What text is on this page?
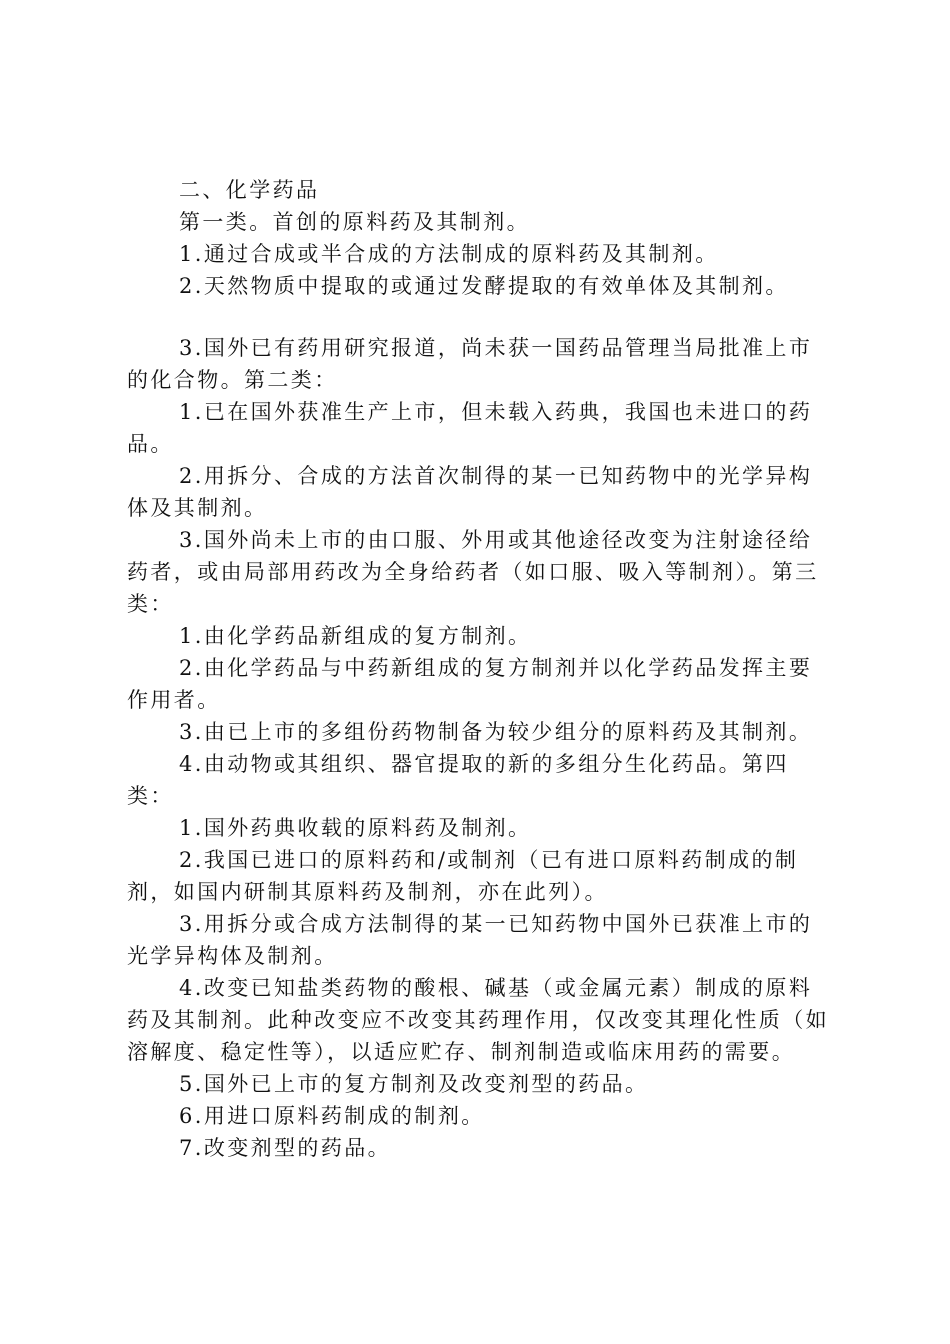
二、化学药品

第一类。首创的原料药及其制剂。

1.通过合成或半合成的方法制成的原料药及其制剂。

2.天然物质中提取的或通过发酵提取的有效单体及其制剂。

3.国外已有药用研究报道，尚未获一国药品管理当局批准上市的化合物。第二类：

1.已在国外获准生产上市，但未载入药典，我国也未进口的药品。

2.用拆分、合成的方法首次制得的某一已知药物中的光学异构体及其制剂。

3.国外尚未上市的由口服、外用或其他途径改变为注射途径给药者，或由局部用药改为全身给药者（如口服、吸入等制剂）。第三类：

1.由化学药品新组成的复方制剂。

2.由化学药品与中药新组成的复方制剂并以化学药品发挥主要作用者。

3.由已上市的多组份药物制备为较少组分的原料药及其制剂。

4.由动物或其组织、器官提取的新的多组分生化药品。第四类：

1.国外药典收载的原料药及制剂。

2.我国已进口的原料药和/或制剂（已有进口原料药制成的制剂，如国内研制其原料药及制剂，亦在此列）。

3.用拆分或合成方法制得的某一已知药物中国外已获准上市的光学异构体及制剂。

4.改变已知盐类药物的酸根、碱基（或金属元素）制成的原料药及其制剂。此种改变应不改变其药理作用，仅改变其理化性质（如溶解度、稳定性等），以适应贮存、制剂制造或临床用药的需要。

5.国外已上市的复方制剂及改变剂型的药品。

6.用进口原料药制成的制剂。

7.改变剂型的药品。
